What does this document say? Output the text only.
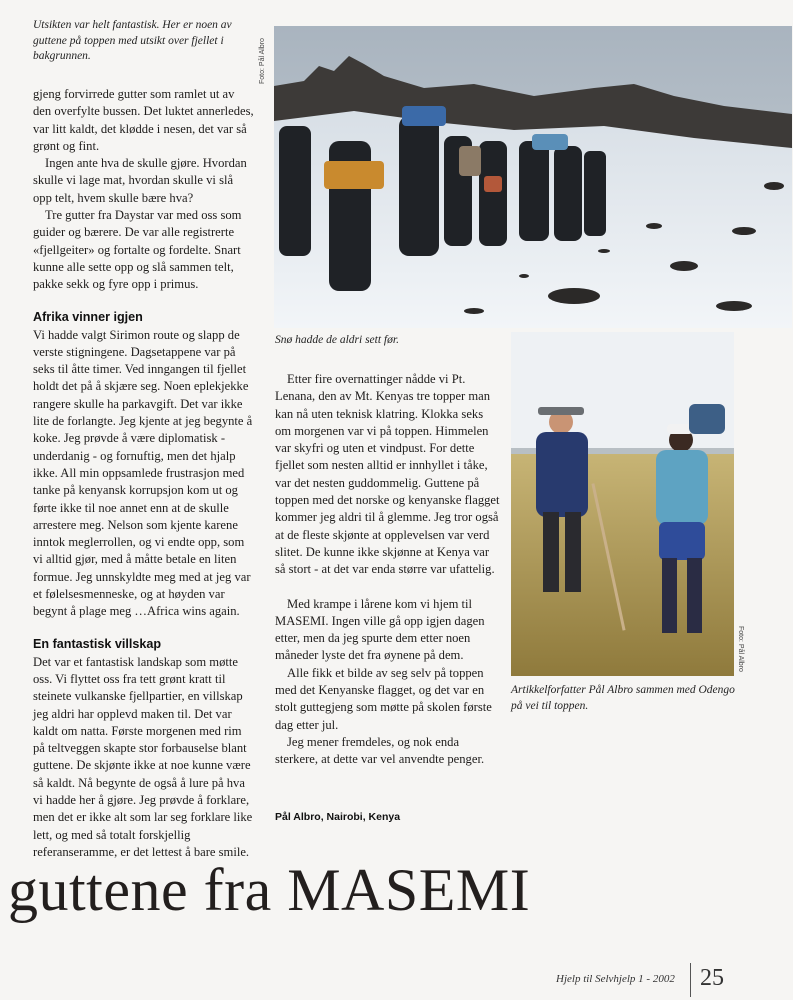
Utsikten var helt fantastisk. Her er noen av guttene på toppen med utsikt over fjellet i bakgrunnen.	Foto: Pål Albro
Snø hadde de aldri sett før.

gjeng forvirrede gutter som ramlet ut av den overfylte bussen. Det luktet annerledes, var litt kaldt, det klødde i nesen, det var så grønt og fint.

Ingen ante hva de skulle gjøre. Hvordan skulle vi lage mat, hvordan skulle vi slå opp telt, hvem skulle bære hva?

Tre gutter fra Daystar var med oss som guider og bærere. De var alle registrerte «fjellgeiter» og fortalte og fordelte. Snart kunne alle sette opp og slå sammen telt, pakke sekk og fyre opp i primus.

Afrika vinner igjen

Vi hadde valgt Sirimon route og slapp de verste stigningene. Dagsetappene var på seks til åtte timer. Ved inngangen til fjellet holdt det på å skjære seg. Noen eplekjekke rangere skulle ha parkavgift. Det var ikke lite de forlangte. Jeg kjente at jeg begynte å koke. Jeg prøvde å være diplomatisk - underdanig - og fornuftig, men det hjalp ikke. All min oppsamlede frustrasjon med tanke på kenyansk korrupsjon kom ut og førte ikke til noe annet enn at de skulle arrestere meg. Nelson som kjente karene inntok meglerrollen, og vi endte opp, som vi alltid gjør, med å måtte betale en liten formue. Jeg unnskyldte meg med at jeg var et følelsesmenneske, og at høyden var begynt å plage meg …Africa wins again.

En fantastisk villskap

Det var et fantastisk landskap som møtte oss. Vi flyttet oss fra tett grønt kratt til steinete vulkanske fjellpartier, en villskap jeg aldri har opplevd maken til. Det var kaldt om natta. Første morgenen med rim på teltveggen skapte stor forbauselse blant guttene. De skjønte ikke at noe kunne være så kaldt. Nå begynte de også å lure på hva vi hadde her å gjøre. Jeg prøvde å forklare, men det er ikke alt som lar seg forklare like lett, og med så totalt forskjellig referanseramme, er det lettest å bare smile.

Etter fire overnattinger nådde vi Pt. Lenana, den av Mt. Kenyas tre topper man kan nå uten teknisk klatring. Klokka seks om morgenen var vi på toppen. Himmelen var skyfri og uten et vindpust. For dette fjellet som nesten alltid er innhyllet i tåke, var det nesten guddommelig. Guttene på toppen med det norske og kenyanske flagget kommer jeg aldri til å glemme. Jeg tror også at de fleste skjønte at opplevelsen var verd slitet. De kunne ikke skjønne at Kenya var så stort - at det var enda større var ufattelig.

Med krampe i lårene kom vi hjem til MASEMI. Ingen ville gå opp igjen dagen etter, men da jeg spurte dem etter noen måneder lyste det fra øynene på dem.

Alle fikk et bilde av seg selv på toppen med det Kenyanske flagget, og det var en stolt guttegjeng som møtte på skolen første dag etter jul.

Jeg mener fremdeles, og nok enda sterkere, at dette var vel anvendte penger.

Foto: Pål Albro
Artikkelforfatter Pål Albro sammen med Odengo på vei til toppen.
Pål Albro, Nairobi, Kenya
guttene fra MASEMI
Hjelp til Selvhjelp 1 - 2002 25
